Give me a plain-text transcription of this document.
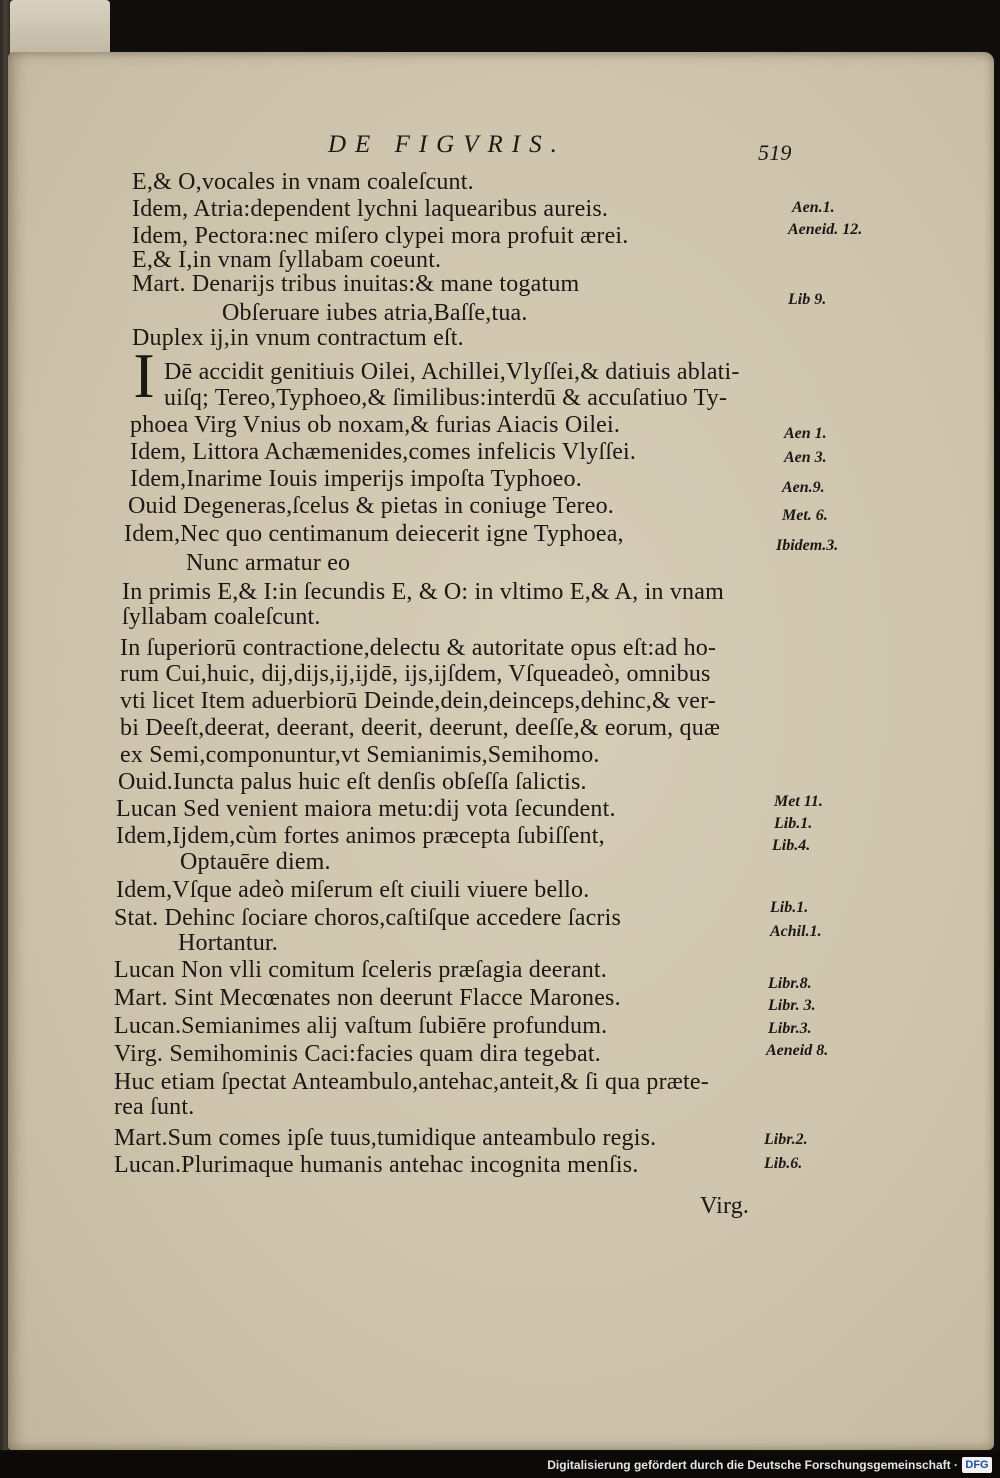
DE FIGVRIS.	519
E,& O,vocales in vnam coaleſcunt.
Idem, Atria:dependent lychni laquearibus aureis.
Idem, Pectora:nec miſero clypei mora profuit ærei.
E,& I,in vnam ſyllabam coeunt.
Mart. Denarijs tribus inuitas:& mane togatum
Obſeruare iubes atria,Baſſe,tua.
Duplex ij,in vnum contractum eſt.
I Dē accidit genitiuis Oilei, Achillei,Vlyſſei,& datiuis ablati-
uiſq; Tereo,Typhoeo,& ſimilibus:interdū & accuſatiuo Ty-
phoea Virg Vnius ob noxam,& furias Aiacis Oilei.
Idem, Littora Achæmenides,comes infelicis Vlyſſei.
Idem,Inarime Iouis imperijs impoſta Typhoeo.
Ouid Degeneras,ſcelus & pietas in coniuge Tereo.
Idem,Nec quo centimanum deiecerit igne Typhoea,
Nunc armatur eo
In primis E,& I:in ſecundis E, & O: in vltimo E,& A, in vnam
ſyllabam coaleſcunt.
In ſuperiorū contractione,delectu & autoritate opus eſt:ad ho-
rum Cui,huic, dij,dijs,ij,ijdē, ijs,ijſdem, Vſqueadeò, omnibus
vti licet Item aduerbiorū Deinde,dein,deinceps,dehinc,& ver-
bi Deeſt,deerat, deerant, deerit, deerunt, deeſſe,& eorum, quæ
ex Semi,componuntur,vt Semianimis,Semihomo.
Ouid.Iuncta palus huic eſt denſis obſeſſa ſalictis.
Lucan Sed venient maiora metu:dij vota ſecundent.
Idem,Ijdem,cùm fortes animos præcepta ſubiſſent,
Optauēre diem.
Idem,Vſque adeò miſerum eſt ciuili viuere bello.
Stat. Dehinc ſociare choros,caſtiſque accedere ſacris
Hortantur.
Lucan Non vlli comitum ſceleris præſagia deerant.
Mart. Sint Mecœnates non deerunt Flacce Marones.
Lucan.Semianimes alij vaſtum ſubiēre profundum.
Virg. Semihominis Caci:facies quam dira tegebat.
Huc etiam ſpectat Anteambulo,antehac,anteit,& ſi qua præte-
rea ſunt.
Mart.Sum comes ipſe tuus,tumidique anteambulo regis.
Lucan.Plurimaque humanis antehac incognita menſis.
Virg.
Aen.1.
Aeneid. 12.
Lib 9.
Aen 1.
Aen 3.
Aen.9.
Met. 6.
Ibidem.3.
Met 11.
Lib.1.
Lib.4.
Lib.1.
Achil.1.
Libr.8.
Libr. 3.
Libr.3.
Aeneid 8.
Libr.2.
Lib.6.
Digitalisierung gefördert durch die Deutsche Forschungsgemeinschaft · DFG
